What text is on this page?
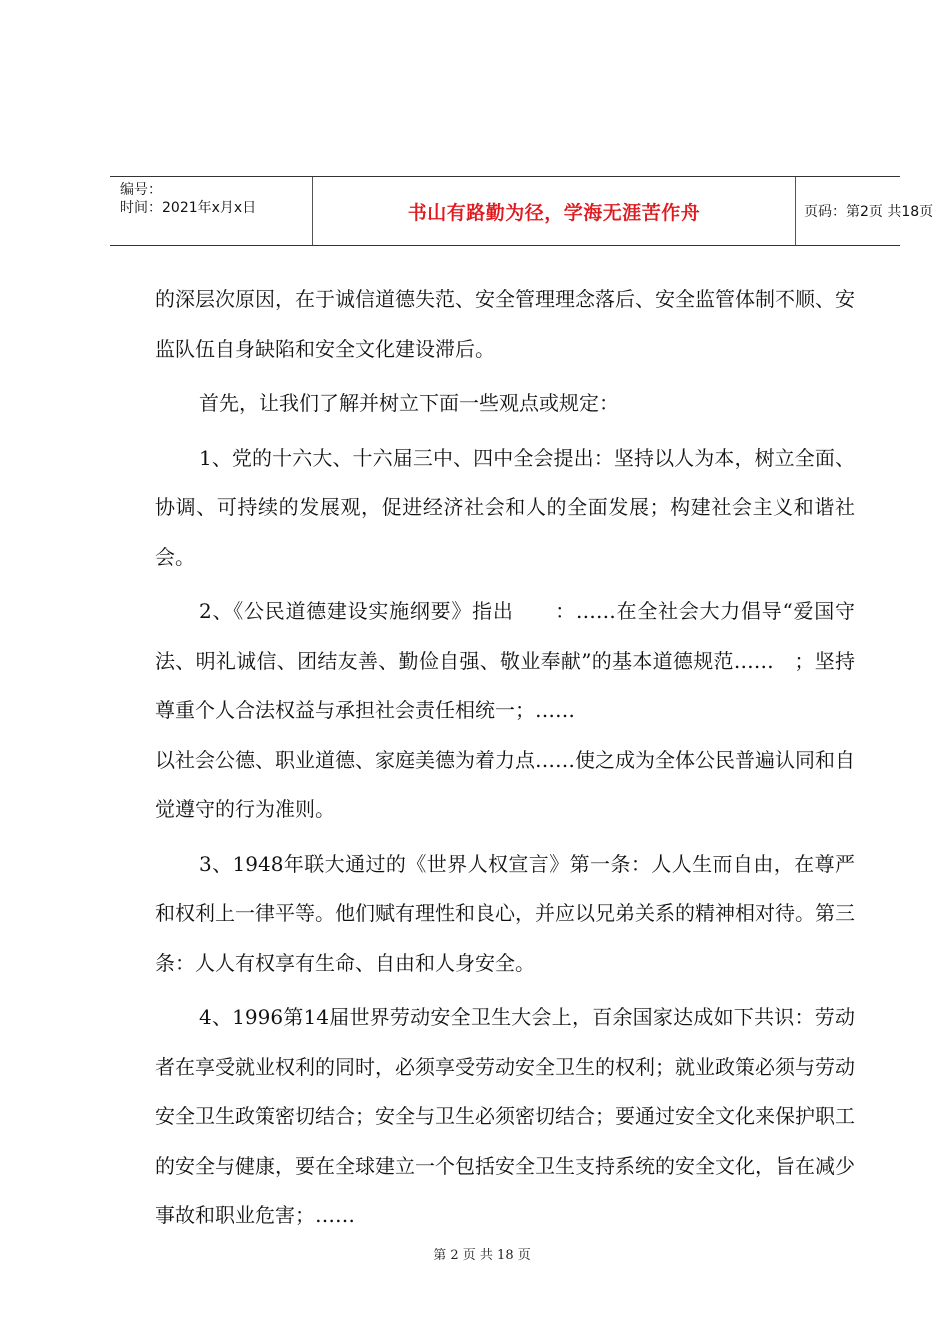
编号：
时间：2021年x月x日	书山有路勤为径，学海无涯苦作舟	页码：第2页 共18页

的深层次原因，在于诚信道德失范、安全管理理念落后、安全监管体制不顺、安监队伍自身缺陷和安全文化建设滞后。

首先，让我们了解并树立下面一些观点或规定：

1、党的十六大、十六届三中、四中全会提出：坚持以人为本，树立全面、协调、可持续的发展观，促进经济社会和人的全面发展；构建社会主义和谐社会。

2、《公民道德建设实施纲要》指出　　：……在全社会大力倡导“爱国守法、明礼诚信、团结友善、勤俭自强、敬业奉献”的基本道德规范……　；坚持尊重个人合法权益与承担社会责任相统一；……

以社会公德、职业道德、家庭美德为着力点……使之成为全体公民普遍认同和自觉遵守的行为准则。

3、1948年联大通过的《世界人权宣言》第一条：人人生而自由，在尊严和权利上一律平等。他们赋有理性和良心，并应以兄弟关系的精神相对待。第三条：人人有权享有生命、自由和人身安全。

4、1996第14届世界劳动安全卫生大会上，百余国家达成如下共识：劳动者在享受就业权利的同时，必须享受劳动安全卫生的权利；就业政策必须与劳动安全卫生政策密切结合；安全与卫生必须密切结合；要通过安全文化来保护职工的安全与健康，要在全球建立一个包括安全卫生支持系统的安全文化，旨在减少事故和职业危害；……

第 2 页 共 18 页
